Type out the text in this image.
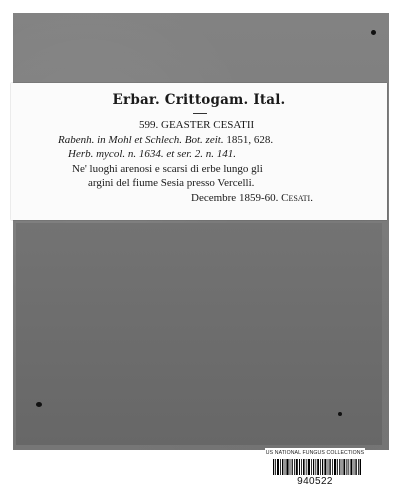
Erbar. Crittogam. Ital.
599. GEASTER CESATII
Rabenh. in Mohl et Schlech. Bot. zeit. 1851, 628.
Herb. mycol. n. 1634. et ser. 2. n. 141.
Ne' luoghi arenosi e scarsi di erbe lungo gli
argini del fiume Sesia presso Vercelli.
Decembre 1859-60. Cesati.
US NATIONAL FUNGUS COLLECTIONS
940522
